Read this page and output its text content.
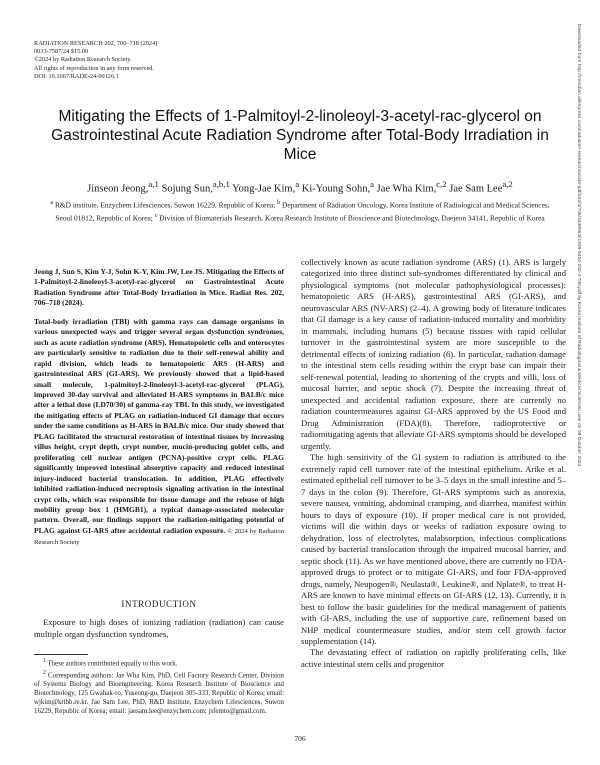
RADIATION RESEARCH 202, 706–718 (2024)
0033-7587/24 $15.00
©2024 by Radiation Research Society.
All rights of reproduction in any form reserved.
DOI: 10.1667/RADE-24-00126.1
Mitigating the Effects of 1-Palmitoyl-2-linoleoyl-3-acetyl-rac-glycerol on Gastrointestinal Acute Radiation Syndrome after Total-Body Irradiation in Mice
Jinseon Jeong,$^{a,1}$ Sojung Sun,$^{a,b,1}$ Yong-Jae Kim,$^a$ Ki-Young Sohn,$^a$ Jae Wha Kim,$^{c,2}$ Jae Sam Lee$^{a,2}$
$^a$ R&D institute, Enzychem Lifesciences, Suwon 16229, Republic of Korea; $^b$ Department of Radiation Oncology, Korea Institute of Radiological and Medical Sciences, Seoul 01812, Republic of Korea; $^c$ Division of Biomaterials Research, Korea Research Institute of Bioscience and Biotechnology, Daejeon 34141, Republic of Korea
Jeong J, Sun S, Kim Y-J, Sohn K-Y, Kim JW, Lee JS. Mitigating the Effects of 1-Palmitoyl-2-linoleoyl-3-acetyl-rac-glycerol on Gastrointestinal Acute Radiation Syndrome after Total-Body Irradiation in Mice. Radiat Res. 202, 706–718 (2024).
Total-body irradiation (TBI) with gamma rays can damage organisms in various unexpected ways and trigger several organ dysfunction syndromes, such as acute radiation syndrome (ARS). Hematopoietic cells and enterocytes are particularly sensitive to radiation due to their self-renewal ability and rapid division, which leads to hematopoietic ARS (H-ARS) and gastrointestinal ARS (GI-ARS). We previously showed that a lipid-based small molecule, 1-palmitoyl-2-linoleoyl-3-acetyl-rac-glycerol (PLAG), improved 30-day survival and alleviated H-ARS symptoms in BALB/c mice after a lethal dose (LD70/30) of gamma-ray TBI. In this study, we investigated the mitigating effects of PLAG on radiation-induced GI damage that occurs under the same conditions as H-ARS in BALB/c mice. Our study showed that PLAG facilitated the structural restoration of intestinal tissues by increasing villus height, crypt depth, crypt number, mucin-producing goblet cells, and proliferating cell nuclear antigen (PCNA)-positive crypt cells. PLAG significantly improved intestinal absorptive capacity and reduced intestinal injury-induced bacterial translocation. In addition, PLAG effectively inhibited radiation-induced necroptosis signaling activation in the intestinal crypt cells, which was responsible for tissue damage and the release of high mobility group box 1 (HMGB1), a typical damage-associated molecular pattern. Overall, our findings support the radiation-mitigating potential of PLAG against GI-ARS after accidental radiation exposure. © 2024 by Radiation Research Society
INTRODUCTION
Exposure to high doses of ionizing radiation (radiation) can cause multiple organ dysfunction syndromes,

$^1$ These authors contributed equally to this work.

$^2$ Corresponding authors: Jae Wha Kim, PhD, Cell Factory Research Center, Division of Systems Biology and Bioengineering, Korea Research Institute of Bioscience and Biotechnology, 125 Gwahak-ro, Yuseong-gu, Daejeon 305-333, Republic of Korea; email: wjkim@kribb.re.kr. Jae Sam Lee, PhD, R&D Institute, Enzychem Lifesciences, Suwon 16229, Republic of Korea; email: jaesam.lee@enzychem.com; jsfemto@gmail.com.

collectively known as acute radiation syndrome (ARS) (1). ARS is largely categorized into three distinct sub-syndromes differentiated by clinical and physiological symptoms (not molecular pathophysiological processes): hematopoietic ARS (H-ARS), gastrointestinal ARS (GI-ARS), and neurovascular ARS (NV-ARS) (2–4). A growing body of literature indicates that GI damage is a key cause of radiation-induced mortality and morbidity in mammals, including humans (5) because tissues with rapid cellular turnover in the gastrointestinal system are more susceptible to the detrimental effects of ionizing radiation (6). In particular, radiation damage to the intestinal stem cells residing within the crypt base can impair their self-renewal potential, leading to shortening of the crypts and villi, loss of mucosal barrier, and septic shock (7). Despite the increasing threat of unexpected and accidental radiation exposure, there are currently no radiation countermeasures against GI-ARS approved by the US Food and Drug Administration (FDA)(8). Therefore, radioprotective or radiomitigating agents that alleviate GI-ARS symptoms should be developed urgently.

The high sensitivity of the GI system to radiation is attributed to the extremely rapid cell turnover rate of the intestinal epithelium. Arike et al. estimated epithelial cell turnover to be 3–5 days in the small intestine and 5–7 days in the colon (9). Therefore, GI-ARS symptoms such as anorexia, severe nausea, vomiting, abdominal cramping, and diarrhea, manifest within hours to days of exposure (10). If proper medical care is not provided, victims will die within days or weeks of radiation exposure owing to dehydration, loss of electrolytes, malabsorption, infectious complications caused by bacterial translocation through the impaired mucosal barrier, and septic shock (11). As we have mentioned above, there are currently no FDA-approved drugs to protect or to mitigate GI-ARS, and four FDA-approved drugs, namely, Neupogen®, Neulasta®, Leukine®, and Nplate®, to treat H-ARS are known to have minimal effects on GI-ARS (12, 13). Currently, it is best to follow the basic guidelines for the medical management of patients with GI-ARS, including the use of supportive care, refinement based on NHP medical countermeasure studies, and/or stem cell growth factor supplementation (14).

The devastating effect of radiation on rapidly proliferating cells, like active intestinal stem cells and progenitor

706
Downloaded from http://meridian.allenpress.com/radiation-research/article-pdf/202/4/706/3439063/i1938-5404-202-4-706.pdf by Korea Institute of Radiological & Medical Sciences user on 08 October 2024
